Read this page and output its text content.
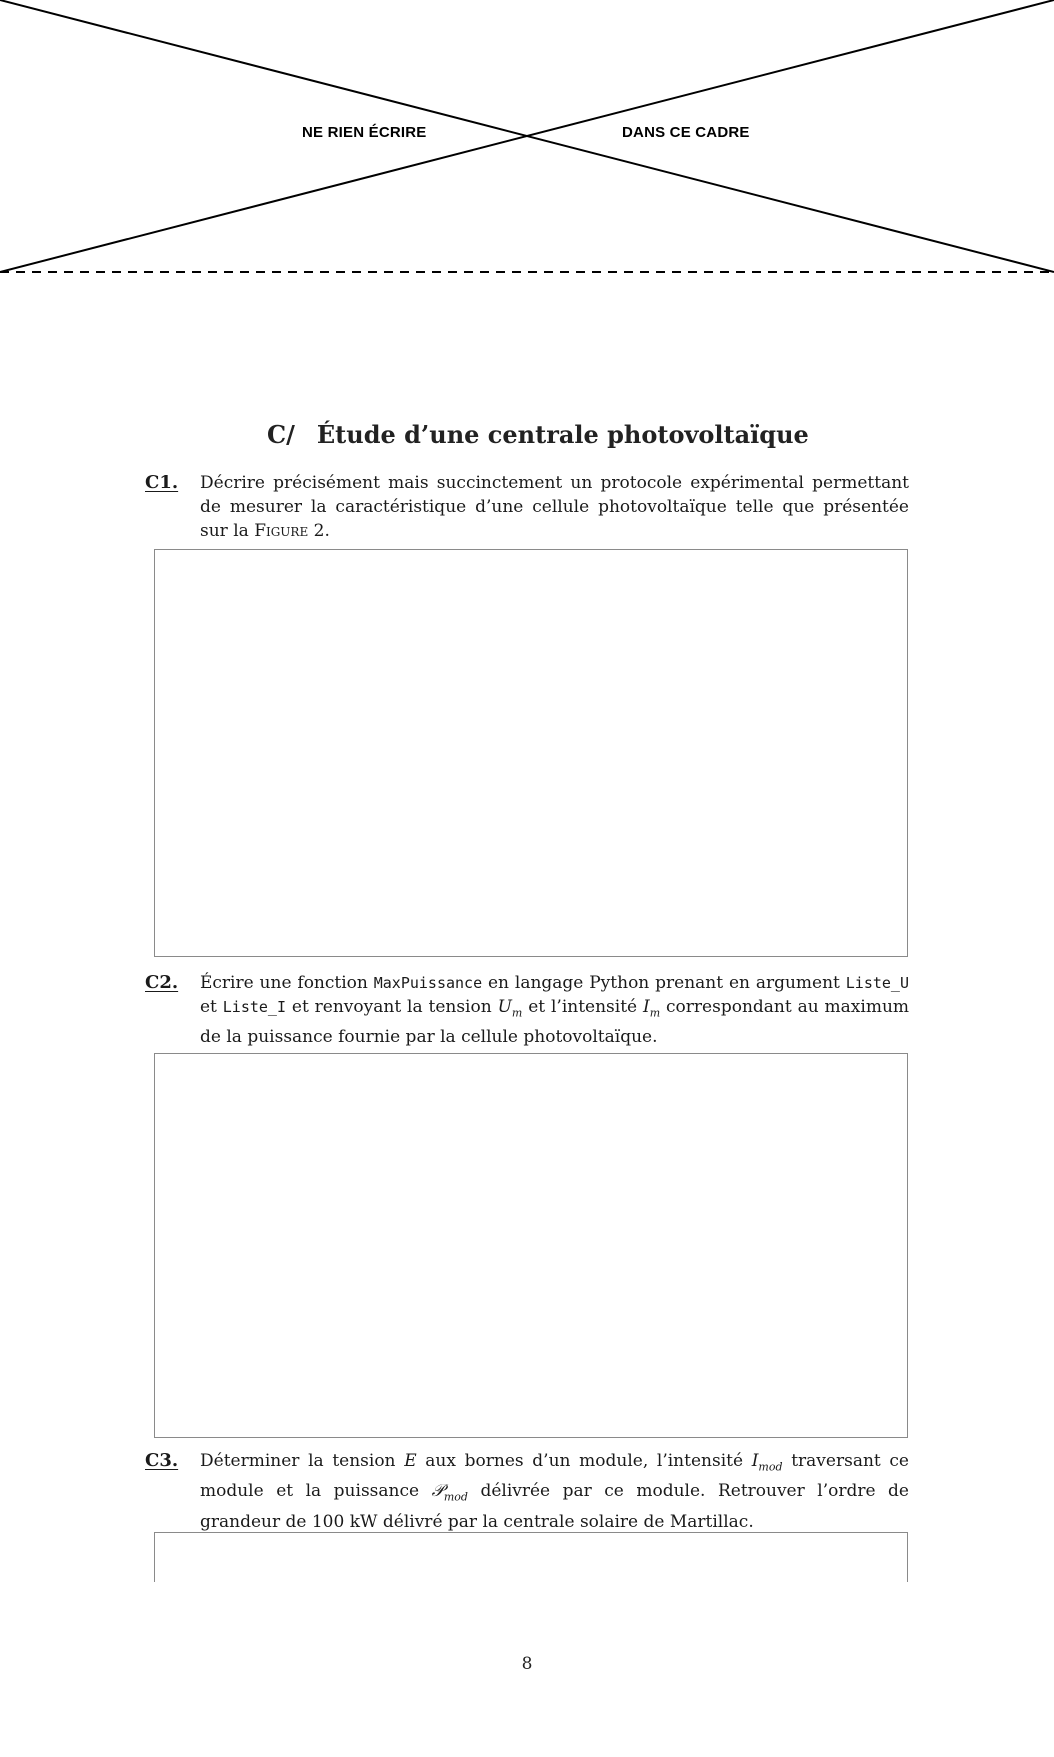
NE RIEN ÉCRIRE	DANS CE CADRE
C/ Étude d’une centrale photovoltaïque
C1. Décrire précisément mais succinctement un protocole expérimental permettant de mesurer la caractéristique d’une cellule photovoltaïque telle que présentée sur la Figure 2.
C2. Écrire une fonction MaxPuissance en langage Python prenant en argument Liste_U et Liste_I et renvoyant la tension $U_m$ et l’intensité $I_m$ correspondant au maximum de la puissance fournie par la cellule photovoltaïque.
C3. Déterminer la tension E aux bornes d’un module, l’intensité $I_{mod}$ traversant ce module et la puissance 𝒫$_{mod}$ délivrée par ce module. Retrouver l’ordre de grandeur de 100 kW délivré par la centrale solaire de Martillac.
8
